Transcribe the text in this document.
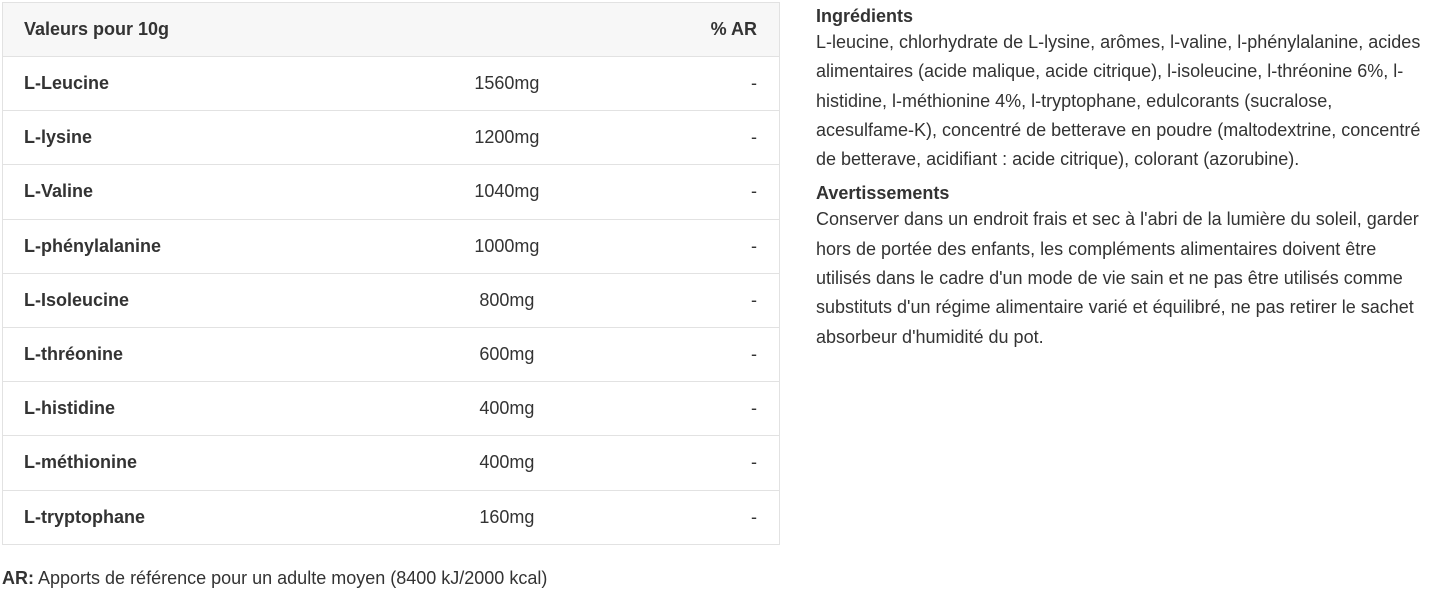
Valeurs pour 10g		% AR
L-Leucine	1560mg	-
L-lysine	1200mg	-
L-Valine	1040mg	-
L-phénylalanine	1000mg	-
L-Isoleucine	800mg	-
L-thréonine	600mg	-
L-histidine	400mg	-
L-méthionine	400mg	-
L-tryptophane	160mg	-
AR: Apports de référence pour un adulte moyen (8400 kJ/2000 kcal)
Ingrédients
L-leucine, chlorhydrate de L-lysine, arômes, l-valine, l-phénylalanine, acides alimentaires (acide malique, acide citrique), l-isoleucine, l-thréonine 6%, l-histidine, l-méthionine 4%, l-tryptophane, edulcorants (sucralose, acesulfame-K), concentré de betterave en poudre (maltodextrine, concentré de betterave, acidifiant : acide citrique), colorant (azorubine).
Avertissements
Conserver dans un endroit frais et sec à l'abri de la lumière du soleil, garder hors de portée des enfants, les compléments alimentaires doivent être utilisés dans le cadre d'un mode de vie sain et ne pas être utilisés comme substituts d'un régime alimentaire varié et équilibré, ne pas retirer le sachet absorbeur d'humidité du pot.
